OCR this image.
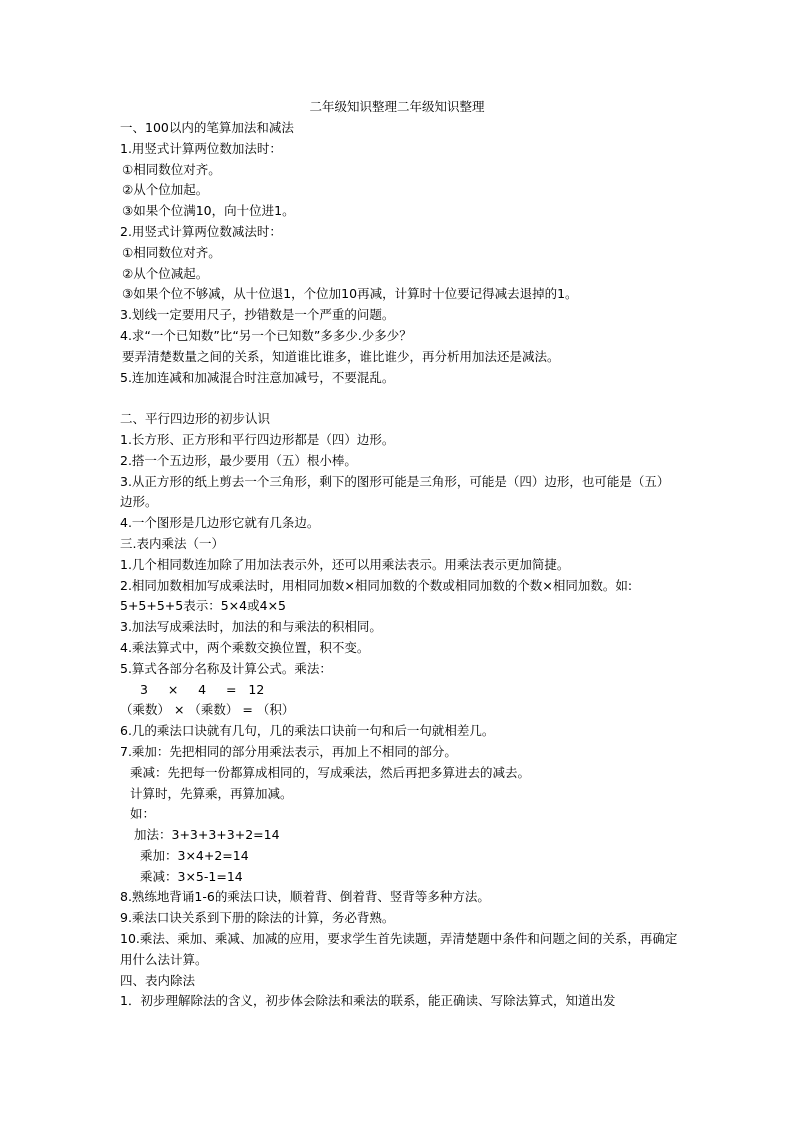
二年级知识整理二年级知识整理
一、100以内的笔算加法和减法
1.用竖式计算两位数加法时：
①相同数位对齐。
②从个位加起。
③如果个位满10，向十位进1。
2.用竖式计算两位数减法时：
①相同数位对齐。
②从个位减起。
③如果个位不够减，从十位退1，个位加10再减，计算时十位要记得减去退掉的1。
3.划线一定要用尺子，抄错数是一个严重的问题。
4.求“一个已知数”比“另一个已知数”多多少.少多少？
要弄清楚数量之间的关系，知道谁比谁多，谁比谁少，再分析用加法还是减法。
5.连加连减和加减混合时注意加减号，不要混乱。
二、平行四边形的初步认识
1.长方形、正方形和平行四边形都是（四）边形。
2.搭一个五边形，最少要用（五）根小棒。
3.从正方形的纸上剪去一个三角形，剩下的图形可能是三角形，可能是（四）边形，也可能是（五）边形。
4.一个图形是几边形它就有几条边。
三.表内乘法（一）
1.几个相同数连加除了用加法表示外，还可以用乘法表示。用乘法表示更加简捷。
2.相同加数相加写成乘法时，用相同加数×相同加数的个数或相同加数的个数×相同加数。如:
5+5+5+5表示：5×4或4×5
3.加法写成乘法时，加法的和与乘法的积相同。
4.乘法算式中，两个乘数交换位置，积不变。
5.算式各部分名称及计算公式。乘法：
3     ×     4     =   12
（乘数） × （乘数） = （积）
6.几的乘法口诀就有几句，几的乘法口诀前一句和后一句就相差几。
7.乘加：先把相同的部分用乘法表示，再加上不相同的部分。
乘减：先把每一份都算成相同的，写成乘法，然后再把多算进去的减去。
计算时，先算乘，再算加减。
如：
加法：3+3+3+3+2=14
乘加：3×4+2=14
乘减：3×5-1=14
8.熟练地背诵1-6的乘法口诀，顺着背、倒着背、竖背等多种方法。
9.乘法口诀关系到下册的除法的计算，务必背熟。
10.乘法、乘加、乘减、加减的应用，要求学生首先读题，弄清楚题中条件和问题之间的关系，再确定用什么法计算。
四、表内除法
1．初步理解除法的含义，初步体会除法和乘法的联系，能正确读、写除法算式，知道出发
